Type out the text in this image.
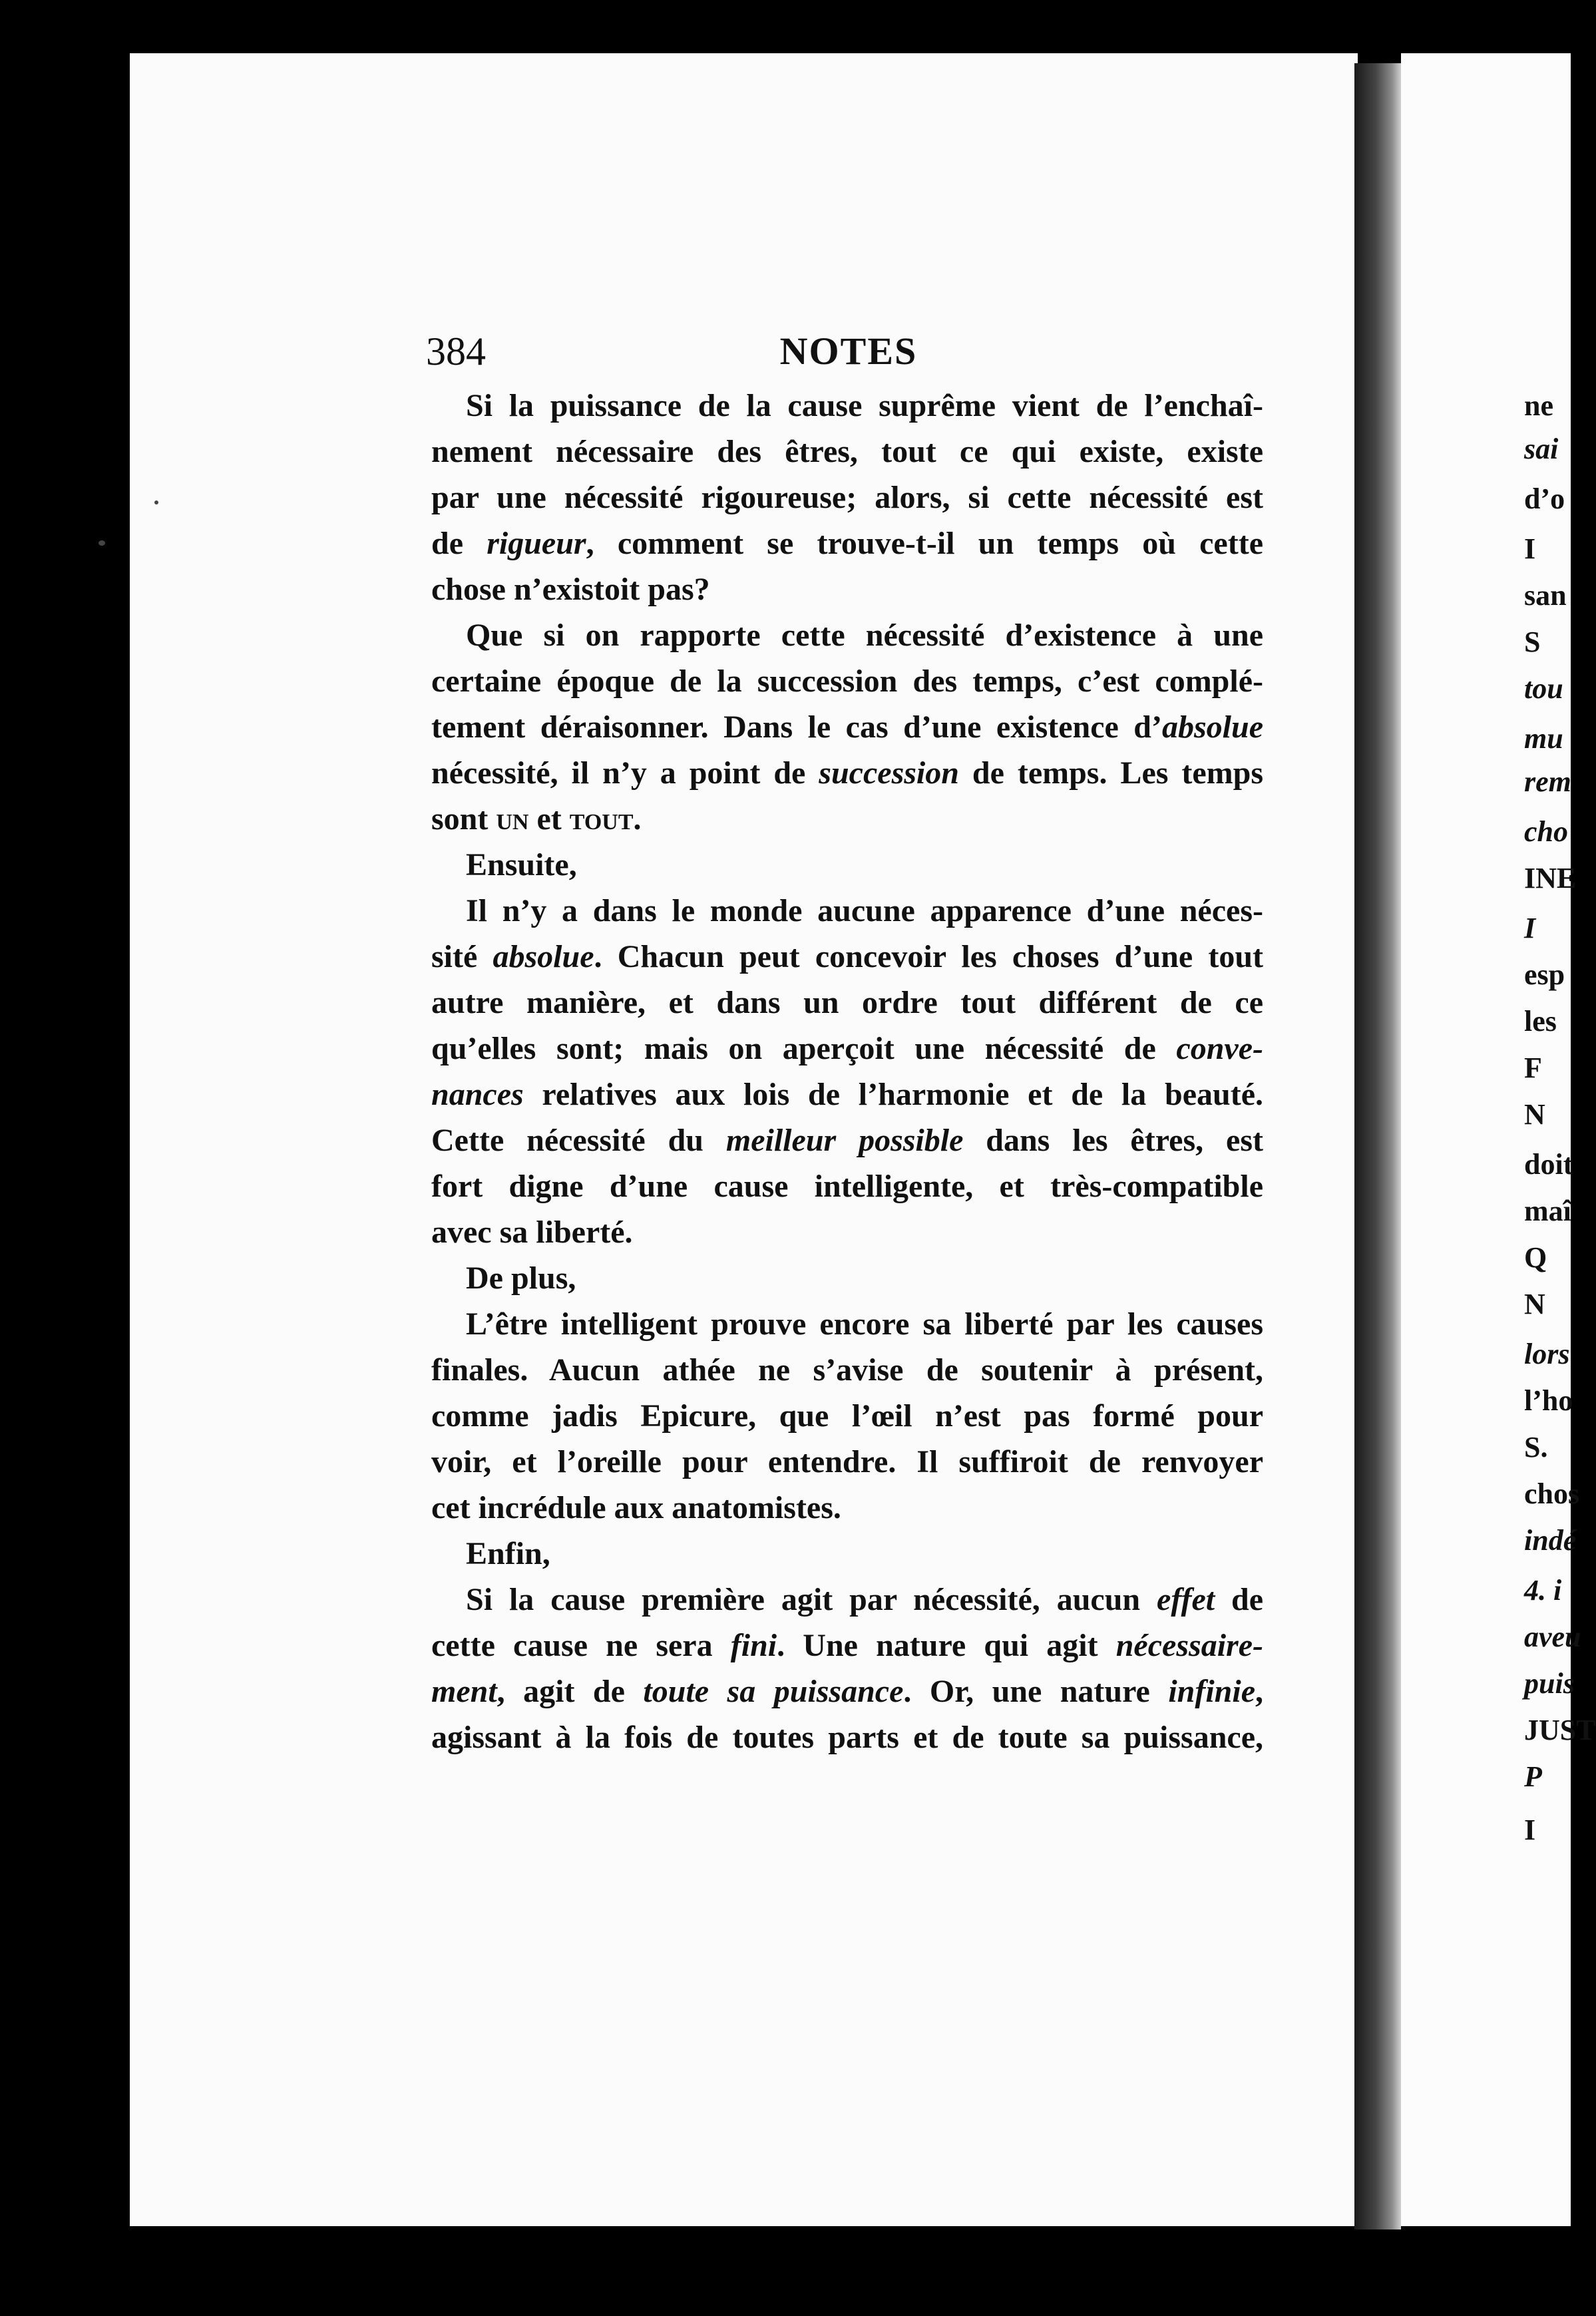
384	NOTES
Si la puissance de la cause suprême vient de l’enchaî-
nement nécessaire des êtres, tout ce qui existe, existe
par une nécessité rigoureuse; alors, si cette nécessité est
de rigueur, comment se trouve-t-il un temps où cette
chose n’existoit pas?
Que si on rapporte cette nécessité d’existence à une
certaine époque de la succession des temps, c’est complé-
tement déraisonner. Dans le cas d’une existence d’absolue
nécessité, il n’y a point de succession de temps. Les temps
sont un et tout.
Ensuite,
Il n’y a dans le monde aucune apparence d’une néces-
sité absolue. Chacun peut concevoir les choses d’une tout
autre manière, et dans un ordre tout différent de ce
qu’elles sont; mais on aperçoit une nécessité de conve-
nances relatives aux lois de l’harmonie et de la beauté.
Cette nécessité du meilleur possible dans les êtres, est
fort digne d’une cause intelligente, et très-compatible
avec sa liberté.
De plus,
L’être intelligent prouve encore sa liberté par les causes
finales. Aucun athée ne s’avise de soutenir à présent,
comme jadis Epicure, que l’œil n’est pas formé pour
voir, et l’oreille pour entendre. Il suffiroit de renvoyer
cet incrédule aux anatomistes.
Enfin,
Si la cause première agit par nécessité, aucun effet de
cette cause ne sera fini. Une nature qui agit nécessaire-
ment, agit de toute sa puissance. Or, une nature infinie,
agissant à la fois de toutes parts et de toute sa puissance,
ne
sai
d’o
I
san
S
tou
mu
rem
cho
INE
I
esp
les
F
N
doit
maî
Q
N
lors
l’ho
S.
chos
indé
4. i
aveu
puis
JUST
P
I
